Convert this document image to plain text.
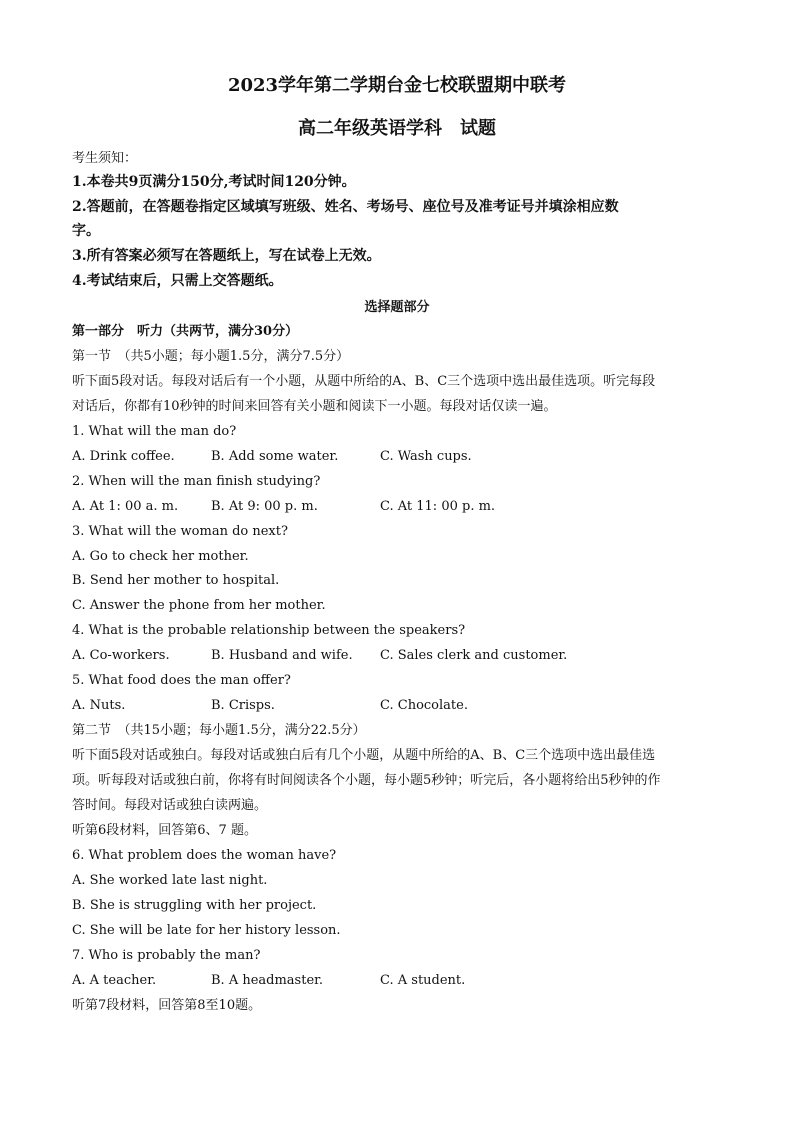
2023学年第二学期台金七校联盟期中联考
高二年级英语学科　试题
考生须知：
1.本卷共9页满分150分,考试时间120分钟。
2.答题前，在答题卷指定区域填写班级、姓名、考场号、座位号及准考证号并填涂相应数
字。
3.所有答案必须写在答题纸上，写在试卷上无效。
4.考试结束后，只需上交答题纸。
选择题部分
第一部分　听力（共两节，满分30分）
第一节　（共5小题；每小题1.5分，满分7.5分）
听下面5段对话。每段对话后有一个小题，从题中所给的A、B、C三个选项中选出最佳选项。听完每段
对话后，你都有10秒钟的时间来回答有关小题和阅读下一小题。每段对话仅读一遍。
1. What will the man do?
A. Drink coffee.	B. Add some water.	C. Wash cups.
2. When will the man finish studying?
A. At 1: 00 a. m.	B. At 9: 00 p. m.	C. At 11: 00 p. m.
3. What will the woman do next?
A. Go to check her mother.
B. Send her mother to hospital.
C. Answer the phone from her mother.
4. What is the probable relationship between the speakers?
A. Co-workers.	B. Husband and wife. C. Sales clerk and customer.
5. What food does the man offer?
A. Nuts.	B. Crisps.	C. Chocolate.
第二节　（共15小题；每小题1.5分，满分22.5分）
听下面5段对话或独白。每段对话或独白后有几个小题，从题中所给的A、B、C三个选项中选出最佳选
项。听每段对话或独白前，你将有时间阅读各个小题，每小题5秒钟；听完后，各小题将给出5秒钟的作
答时间。每段对话或独白读两遍。
听第6段材料，回答第6、7 题。
6. What problem does the woman have?
A. She worked late last night.
B. She is struggling with her project.
C. She will be late for her history lesson.
7. Who is probably the man?
A. A teacher.	B. A headmaster.	C. A student.
听第7段材料，回答第8至10题。
